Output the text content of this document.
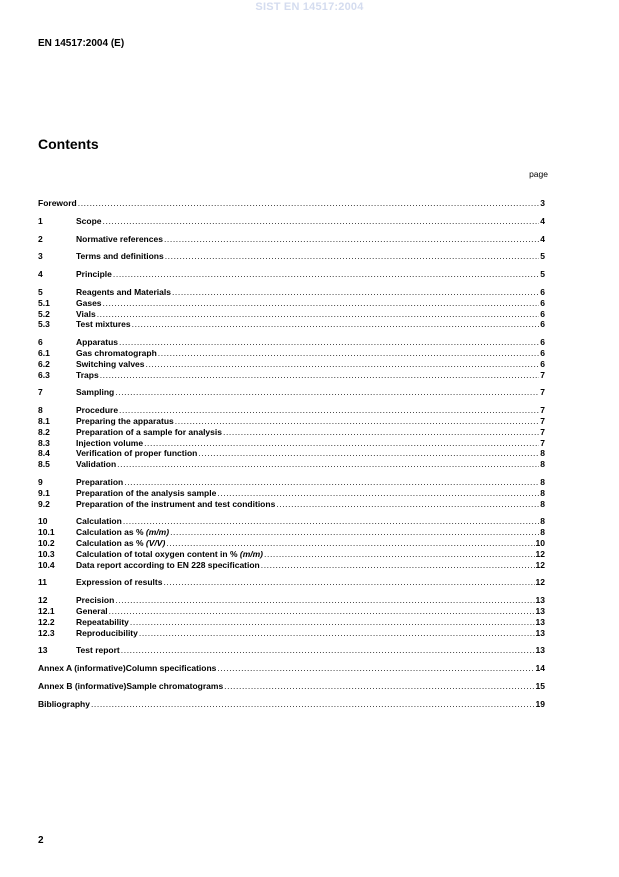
SIST EN 14517:2004
EN 14517:2004 (E)
Contents
page
Foreword .....	3
1	Scope .....	4
2	Normative references .....	4
3	Terms and definitions .....	5
4	Principle .....	5
5	Reagents and Materials .....	6
5.1	Gases .....	6
5.2	Vials .....	6
5.3	Test mixtures .....	6
6	Apparatus .....	6
6.1	Gas chromatograph .....	6
6.2	Switching valves .....	6
6.3	Traps .....	7
7	Sampling .....	7
8	Procedure .....	7
8.1	Preparing the apparatus .....	7
8.2	Preparation of a sample for analysis .....	7
8.3	Injection volume .....	7
8.4	Verification of proper function .....	8
8.5	Validation .....	8
9	Preparation .....	8
9.1	Preparation of the analysis sample .....	8
9.2	Preparation of the instrument and test conditions .....	8
10	Calculation .....	8
10.1	Calculation as % (m/m) .....	8
10.2	Calculation as % (V/V) .....	10
10.3	Calculation of total oxygen content in % (m/m) .....	12
10.4	Data report according to EN 228 specification .....	12
11	Expression of results .....	12
12	Precision .....	13
12.1	General .....	13
12.2	Repeatability .....	13
12.3	Reproducibility .....	13
13	Test report .....	13
Annex A (informative) Column specifications .....	14
Annex B (informative) Sample chromatograms .....	15
Bibliography .....	19
2
